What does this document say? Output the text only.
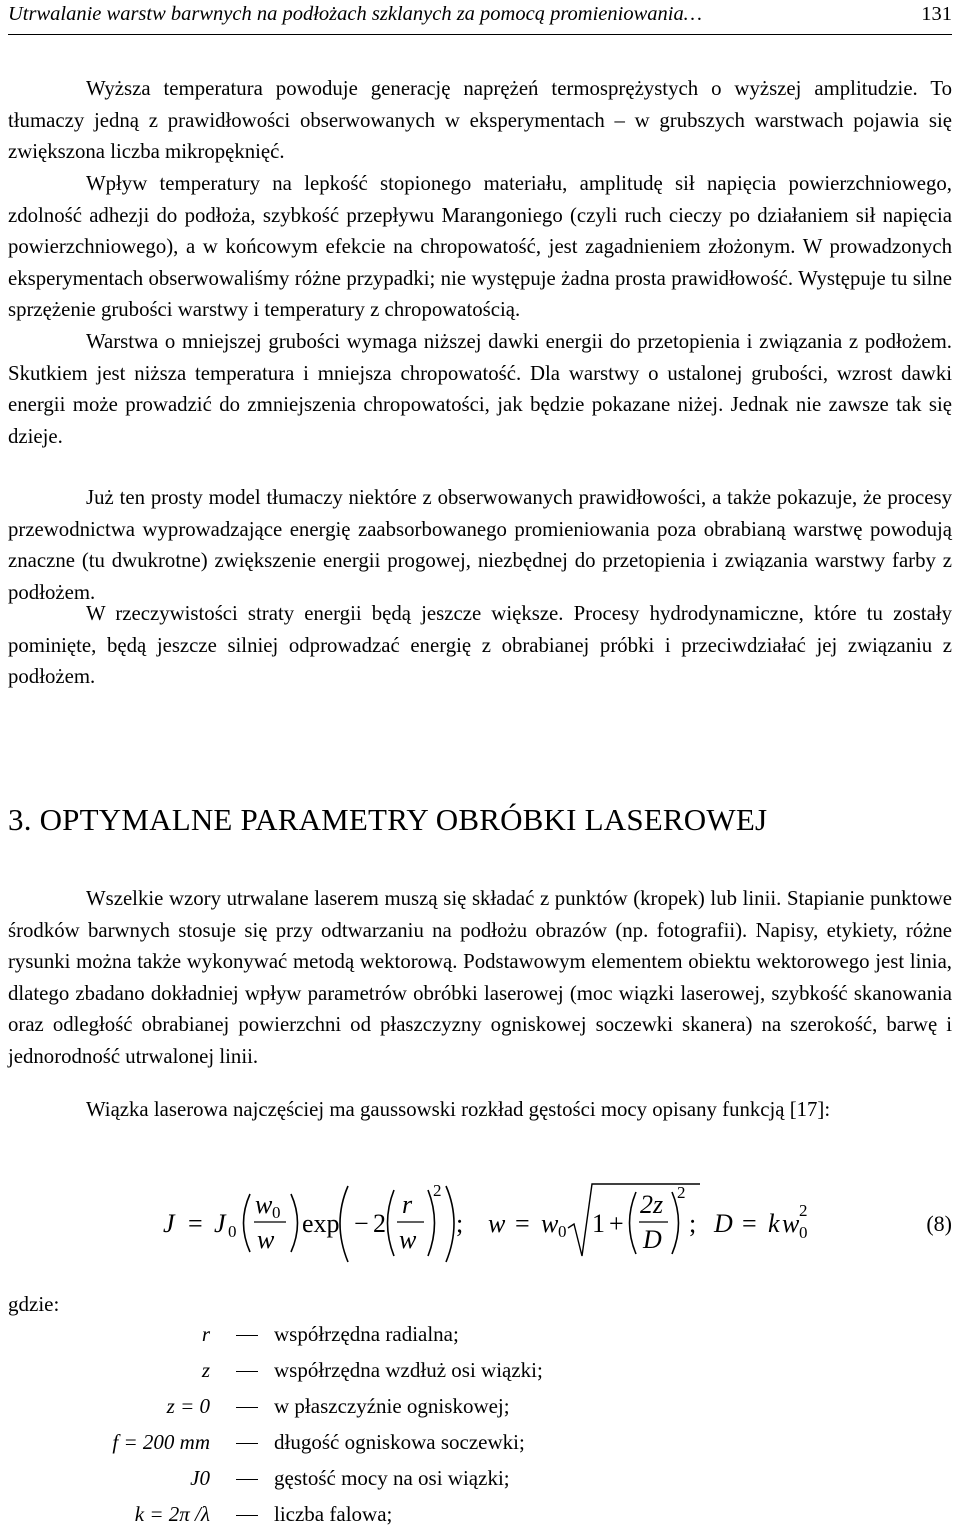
Utrwalanie warstw barwnych na podłożach szklanych za pomocą promieniowania…	131

Wyższa temperatura powoduje generację naprężeń termosprężystych o wyższej amplitudzie. To tłumaczy jedną z prawidłowości obserwowanych w eksperymentach – w grubszych warstwach pojawia się zwiększona liczba mikropęknięć.

Wpływ temperatury na lepkość stopionego materiału, amplitudę sił napięcia powierzchniowego, zdolność adhezji do podłoża, szybkość przepływu Marangoniego (czyli ruch cieczy po działaniem sił napięcia powierzchniowego), a w końcowym efekcie na chropowatość, jest zagadnieniem złożonym. W prowadzonych eksperymentach obserwowaliśmy różne przypadki; nie występuje żadna prosta prawidłowość. Występuje tu silne sprzężenie grubości warstwy i temperatury z chropowatością.

Warstwa o mniejszej grubości wymaga niższej dawki energii do przetopienia i związania z podłożem. Skutkiem jest niższa temperatura i mniejsza chropowatość. Dla warstwy o ustalonej grubości, wzrost dawki energii może prowadzić do zmniejszenia chropowatości, jak będzie pokazane niżej. Jednak nie zawsze tak się dzieje.

Już ten prosty model tłumaczy niektóre z obserwowanych prawidłowości, a także pokazuje, że procesy przewodnictwa wyprowadzające energię zaabsorbowanego promieniowania poza obrabianą warstwę powodują znaczne (tu dwukrotne) zwiększenie energii progowej, niezbędnej do przetopienia i związania warstwy farby z podłożem.

W rzeczywistości straty energii będą jeszcze większe. Procesy hydrodynamiczne, które tu zostały pominięte, będą jeszcze silniej odprowadzać energię z obrabianej próbki i przeciwdziałać jej związaniu z podłożem.

3. OPTYMALNE PARAMETRY OBRÓBKI LASEROWEJ

Wszelkie wzory utrwalane laserem muszą się składać z punktów (kropek) lub linii. Stapianie punktowe środków barwnych stosuje się przy odtwarzaniu na podłożu obrazów (np. fotografii). Napisy, etykiety, różne rysunki można także wykonywać metodą wektorową. Podstawowym elementem obiektu wektorowego jest linia, dlatego zbadano dokładniej wpływ parametrów obróbki laserowej (moc wiązki laserowej, szybkość skanowania oraz odległość obrabianej powierzchni od płaszczyzny ogniskowej soczewki skanera) na szerokość, barwę i jednorodność utrwalonej linii.

Wiązka laserowa najczęściej ma gaussowski rozkład gęstości mocy opisany funkcją [17]:

J = J 0
w 0
w
exp − 2
r
w
2
; w = w 0 1 +
2z
D
2
; D = k w 0
2
(8)
gdzie:
r	współrzędna radialna;
z	współrzędna wzdłuż osi wiązki;
z = 0	w płaszczyźnie ogniskowej;
f = 200 mm	długość ogniskowa soczewki;
J0	gęstość mocy na osi wiązki;
k = 2π /λ	liczba falowa;
